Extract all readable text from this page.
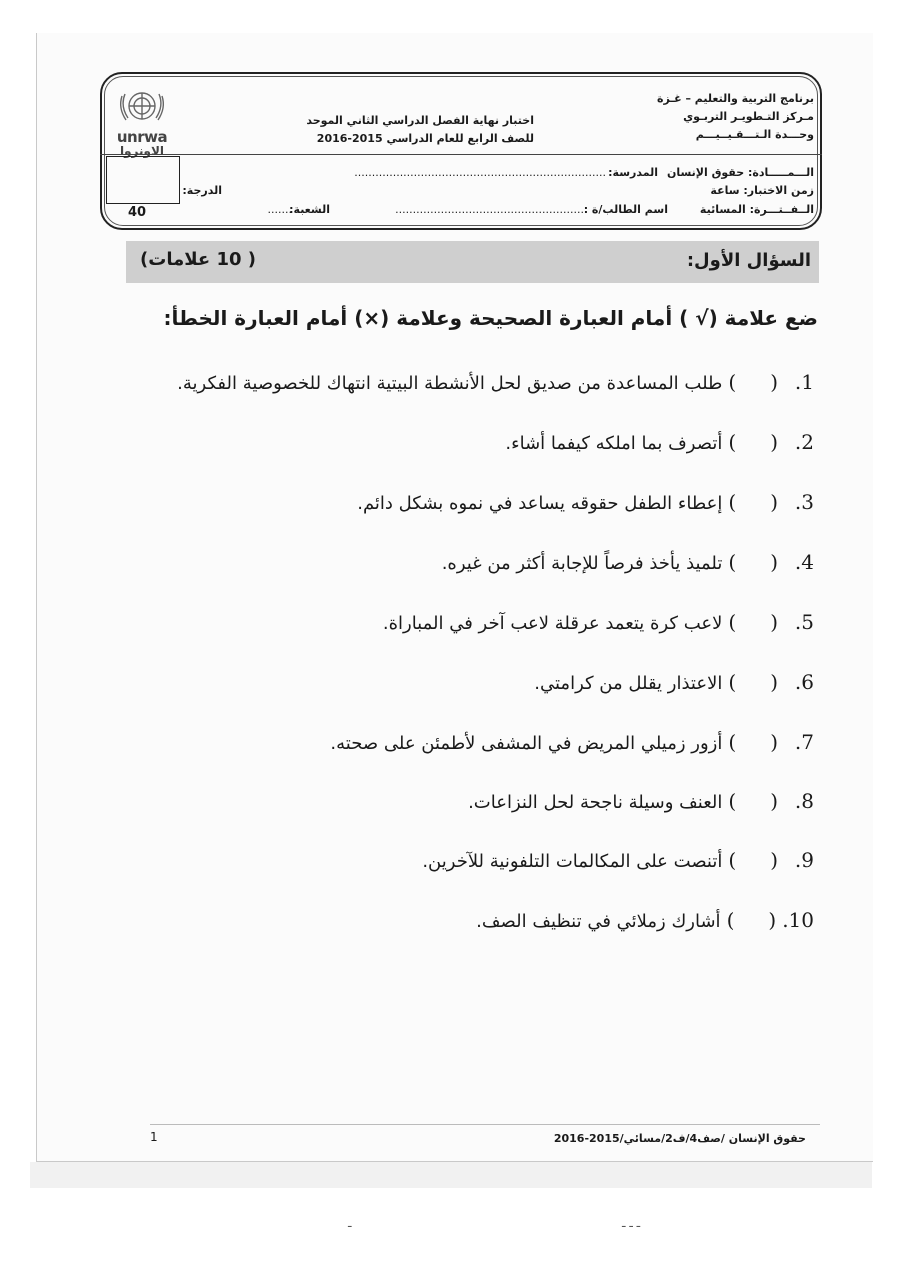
برنامج التربية والتعليم – غـزة
مـركز التـطويـر التربـوي
وحـــدة الـتـــقـيــيـــم
اختبار نهاية الفصل الدراسي الثاني الموحد
للصف الرابع للعام الدراسي 2015-2016
unrwa
الاونروا
الـــمـــــادة: حقوق الإنسان
المدرسة:
........................................................................
زمن الاختبار: ساعة
الدرجة:
الــفــتـــرة: المسائية
اسم الطالب/ة :
......................................................
الشعبة:
.......
40
السؤال الأول:
( 10 علامات)
ضع علامة (√ ) أمام العبارة الصحيحة وعلامة (×) أمام العبارة الخطأ:
1.()طلب المساعدة من صديق لحل الأنشطة البيتية انتهاك للخصوصية الفكرية.
2.()أتصرف بما املكه كيفما أشاء.
3.()إعطاء الطفل حقوقه يساعد في نموه بشكل دائم.
4.()تلميذ يأخذ فرصاً للإجابة أكثر من غيره.
5.()لاعب كرة يتعمد عرقلة لاعب آخر في المباراة.
6.()الاعتذار يقلل من كرامتي.
7.()أزور زميلي المريض في المشفى لأطمئن على صحته.
8.()العنف وسيلة ناجحة لحل النزاعات.
9.()أتنصت على المكالمات التلفونية للآخرين.
10.()أشارك زملائي في تنظيف الصف.
حقوق الإنسان /صف4/ف2/مسائي/2015-2016
1
ـ	ـ ـ ـ
